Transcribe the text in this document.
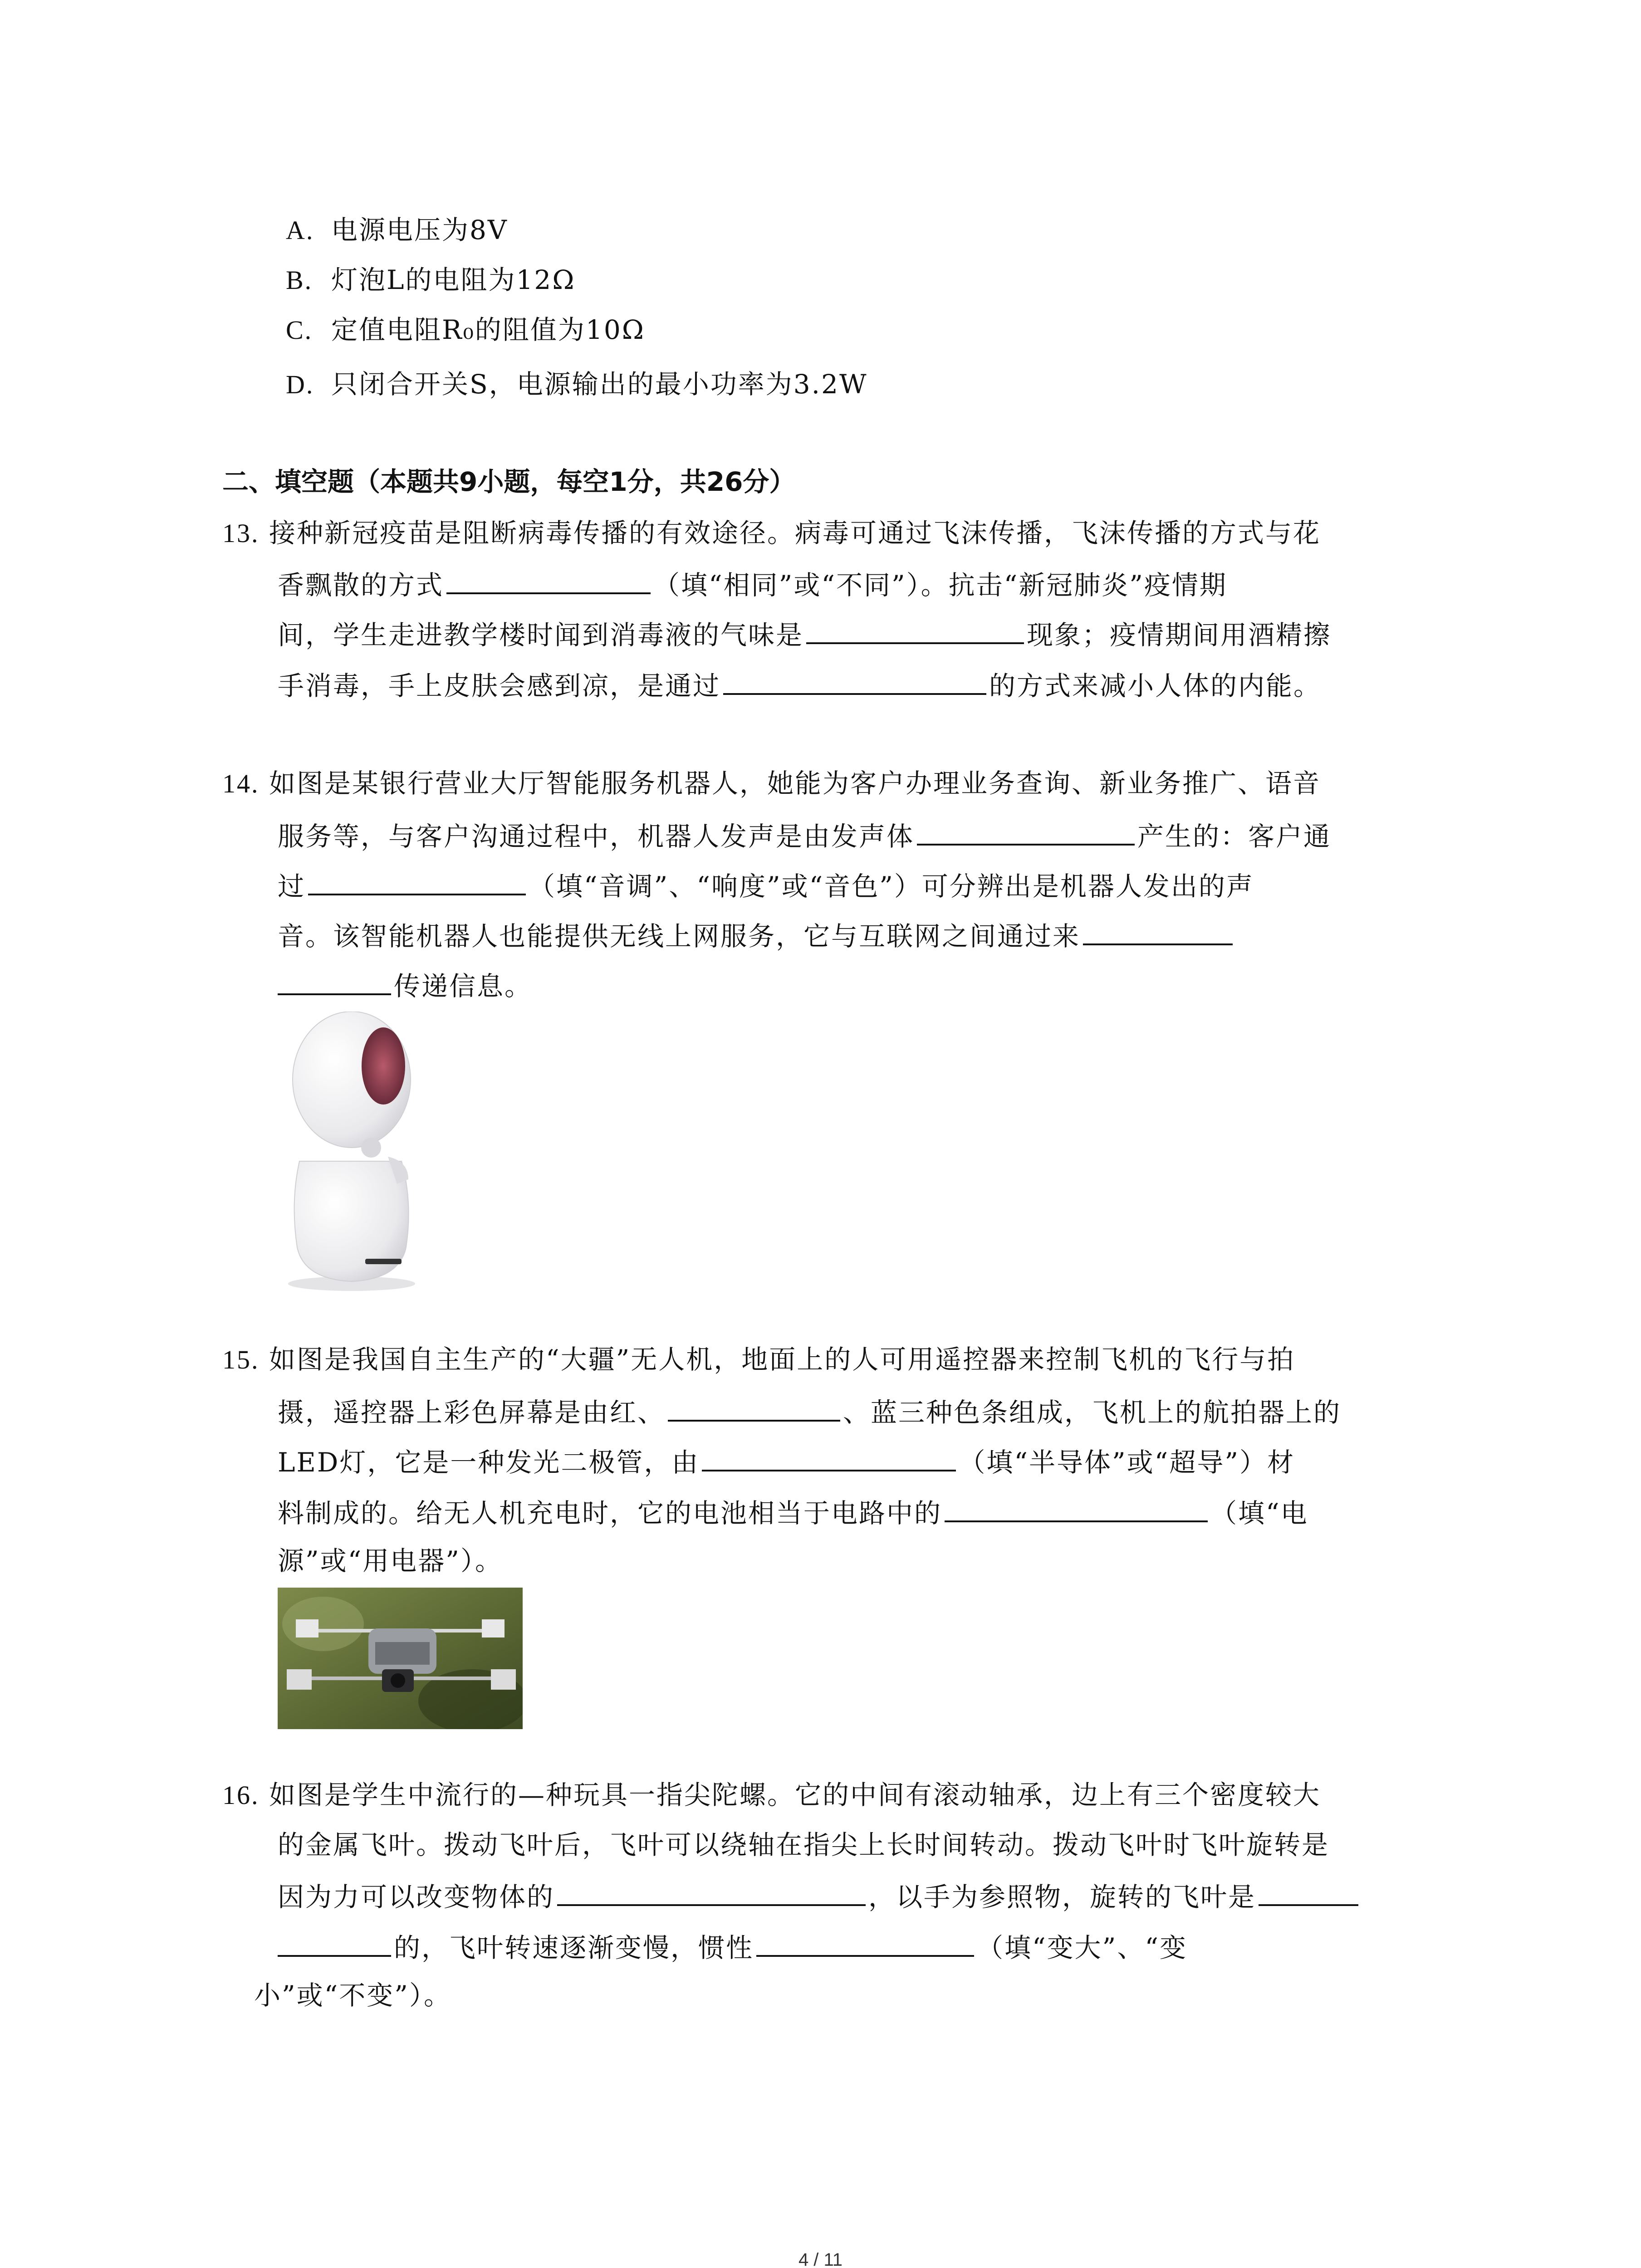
A. 电源电压为8V
B. 灯泡L的电阻为12Ω
C. 定值电阻R₀的阻值为10Ω
D. 只闭合开关S，电源输出的最小功率为3.2W
二、填空题（本题共9小题，每空1分，共26分）
13. 接种新冠疫苗是阻断病毒传播的有效途径。病毒可通过飞沫传播，飞沫传播的方式与花
香飘散的方式	（填“相同”或“不同”）。抗击“新冠肺炎”疫情期
间，学生走进教学楼时闻到消毒液的气味是	现象；疫情期间用酒精擦
手消毒，手上皮肤会感到凉，是通过	的方式来减小人体的内能。
14. 如图是某银行营业大厅智能服务机器人，她能为客户办理业务查询、新业务推广、语音
服务等，与客户沟通过程中，机器人发声是由发声体	产生的：客户通
过	（填“音调”、“响度”或“音色”）可分辨出是机器人发出的声
音。该智能机器人也能提供无线上网服务，它与互联网之间通过来
传递信息。
15. 如图是我国自主生产的“大疆”无人机，地面上的人可用遥控器来控制飞机的飞行与拍
摄，遥控器上彩色屏幕是由红、	、蓝三种色条组成，飞机上的航拍器上的
LED灯，它是一种发光二极管，由	（填“半导体”或“超导”）材
料制成的。给无人机充电时，它的电池相当于电路中的	（填“电
源”或“用电器”）。
16. 如图是学生中流行的—种玩具一指尖陀螺。它的中间有滚动轴承，边上有三个密度较大
的金属飞叶。拨动飞叶后，飞叶可以绕轴在指尖上长时间转动。拨动飞叶时飞叶旋转是
因为力可以改变物体的	，以手为参照物，旋转的飞叶是
的，飞叶转速逐渐变慢，惯性	（填“变大”、“变
小”或“不变”）。
4 / 11
